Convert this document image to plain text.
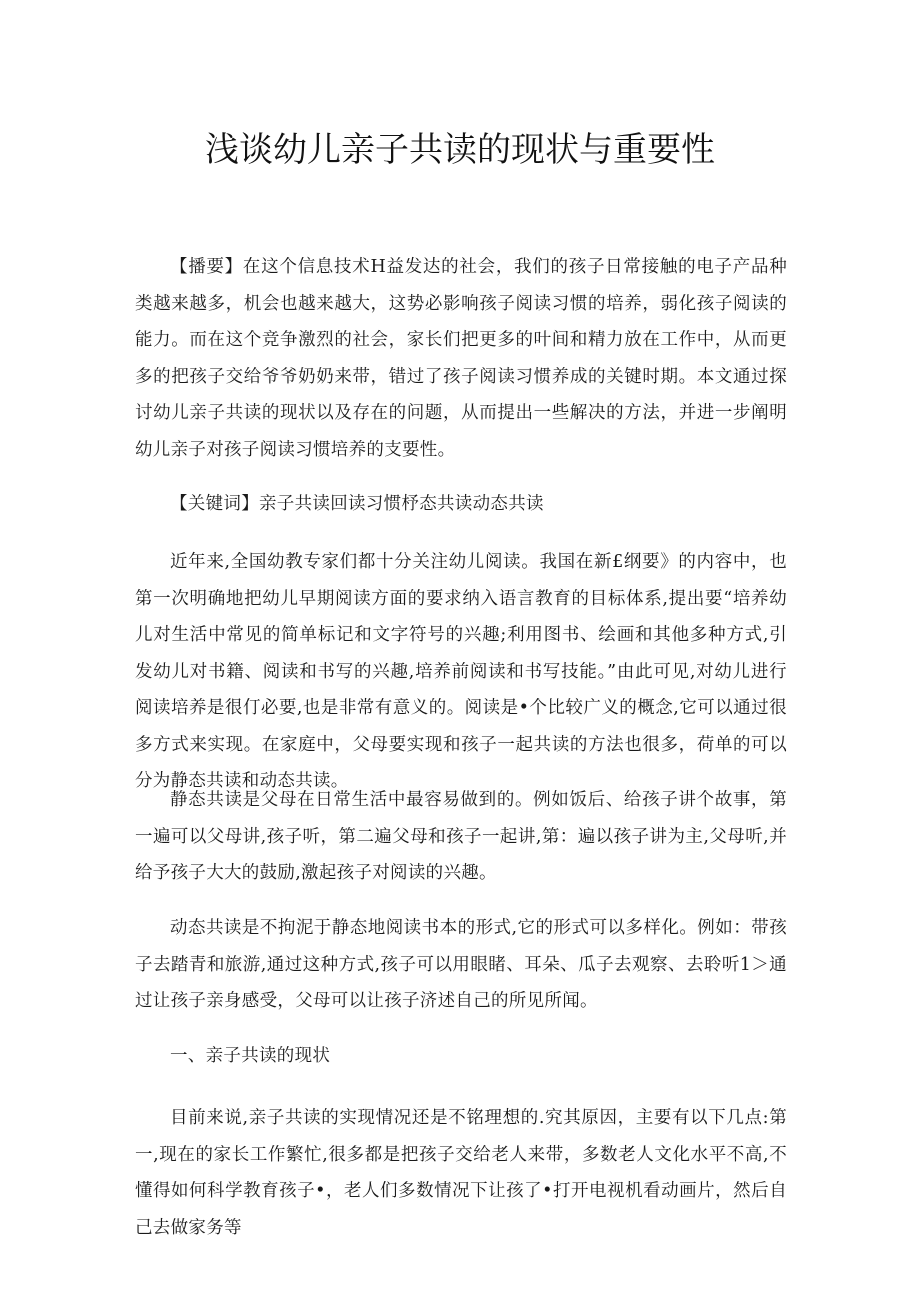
浅谈幼儿亲子共读的现状与重要性

【播要】在这个信息技术H益发达的社会，我们的孩子日常接触的电子产品种类越来越多，机会也越来越大，这势必影响孩子阅读习惯的培养，弱化孩子阅读的能力。而在这个竞争激烈的社会，家长们把更多的叶间和精力放在工作中，从而更多的把孩子交给爷爷奶奶来带，错过了孩子阅读习惯养成的关键时期。本文通过探讨幼儿亲子共读的现状以及存在的问题，从而提出一些解决的方法，并进一步阐明幼儿亲子对孩子阅读习惯培养的支要性。

【关键词】亲子共读回读习惯杼态共读动态共读

近年来,全国幼教专家们都十分关注幼儿阅读。我国在新£纲要》的内容中，也第一次明确地把幼儿早期阅读方面的要求纳入语言教育的目标体系,提出要“培养幼儿对生活中常见的简单标记和文字符号的兴趣;利用图书、绘画和其他多种方式,引发幼儿对书籍、阅读和书写的兴趣,培养前阅读和书写技能。”由此可见,对幼儿进行阅读培养是很仃必要,也是非常有意义的。阅读是•个比较广义的概念,它可以通过很多方式来实现。在家庭中，父母要实现和孩子一起共读的方法也很多，荷单的可以分为静态共读和动态共读。

静态共读是父母在日常生活中最容易做到的。例如饭后、给孩子讲个故事，第一遍可以父母讲,孩子听，第二遍父母和孩子一起讲,第：遍以孩子讲为主,父母听,并给予孩子大大的鼓励,激起孩子对阅读的兴趣。

动态共读是不拘泥于静态地阅读书本的形式,它的形式可以多样化。例如：带孩子去踏青和旅游,通过这种方式,孩子可以用眼睹、耳朵、瓜子去观察、去聆听1＞通过让孩子亲身感受，父母可以让孩子济述自己的所见所闻。

一、亲子共读的现状

目前来说,亲子共读的实现情况还是不铭理想的.究其原因，主要有以下几点:第一,现在的家长工作繁忙,很多都是把孩子交给老人来带，多数老人文化水平不高,不懂得如何科学教育孩子•，老人们多数情况下让孩了•打开电视机看动画片，然后自己去做家务等
